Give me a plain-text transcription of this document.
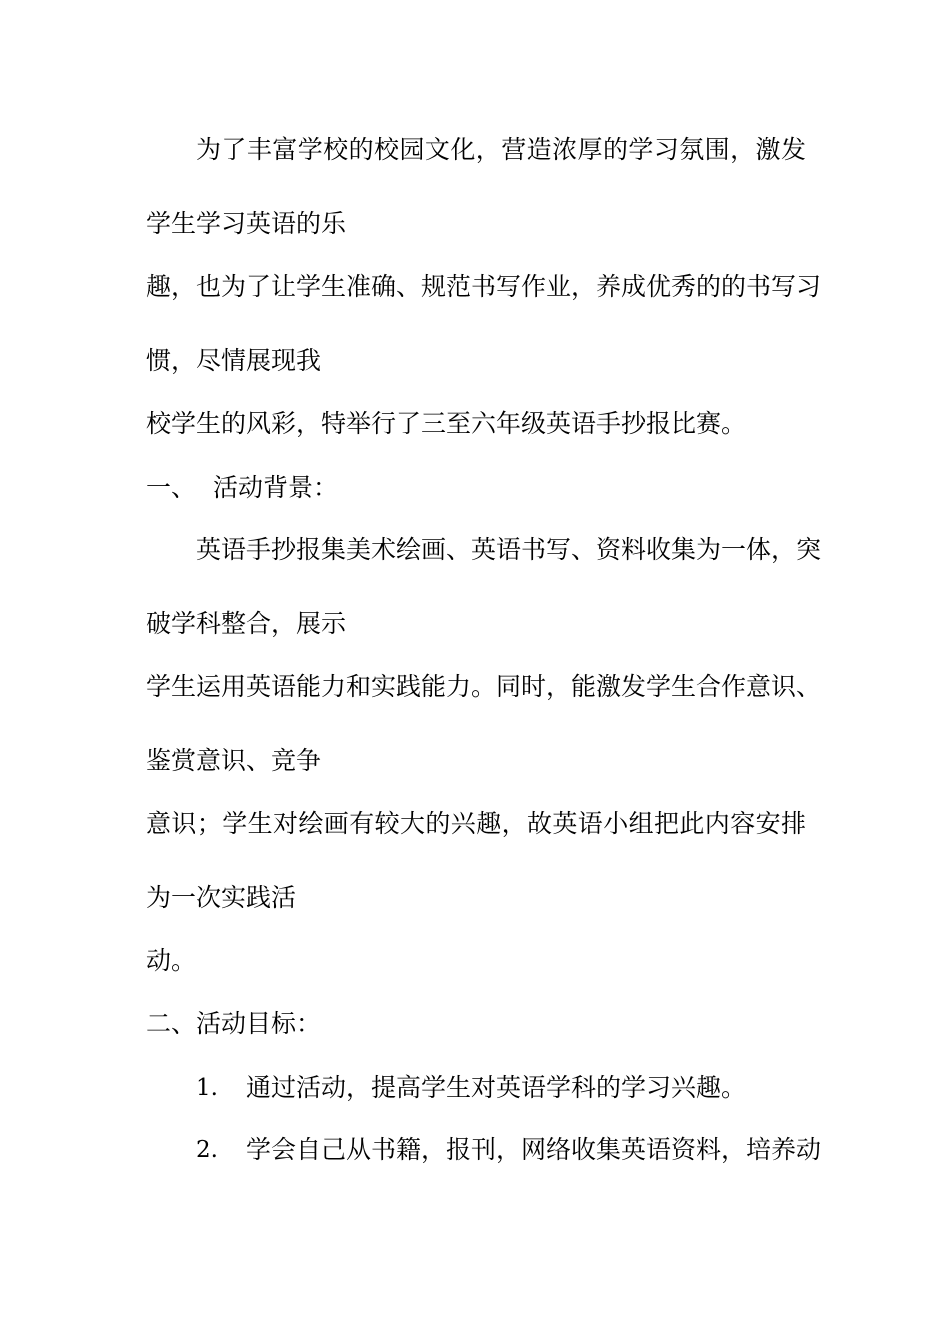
为了丰富学校的校园文化，营造浓厚的学习氛围，激发
学生学习英语的乐
趣，也为了让学生准确、规范书写作业，养成优秀的的书写习
惯，尽情展现我
校学生的风彩，特举行了三至六年级英语手抄报比赛。
一、 活动背景：
英语手抄报集美术绘画、英语书写、资料收集为一体，突
破学科整合，展示
学生运用英语能力和实践能力。同时，能激发学生合作意识、
鉴赏意识、竞争
意识；学生对绘画有较大的兴趣，故英语小组把此内容安排
为一次实践活
动。
二、活动目标：
1. 通过活动，提高学生对英语学科的学习兴趣。
2. 学会自己从书籍，报刊，网络收集英语资料，培养动
